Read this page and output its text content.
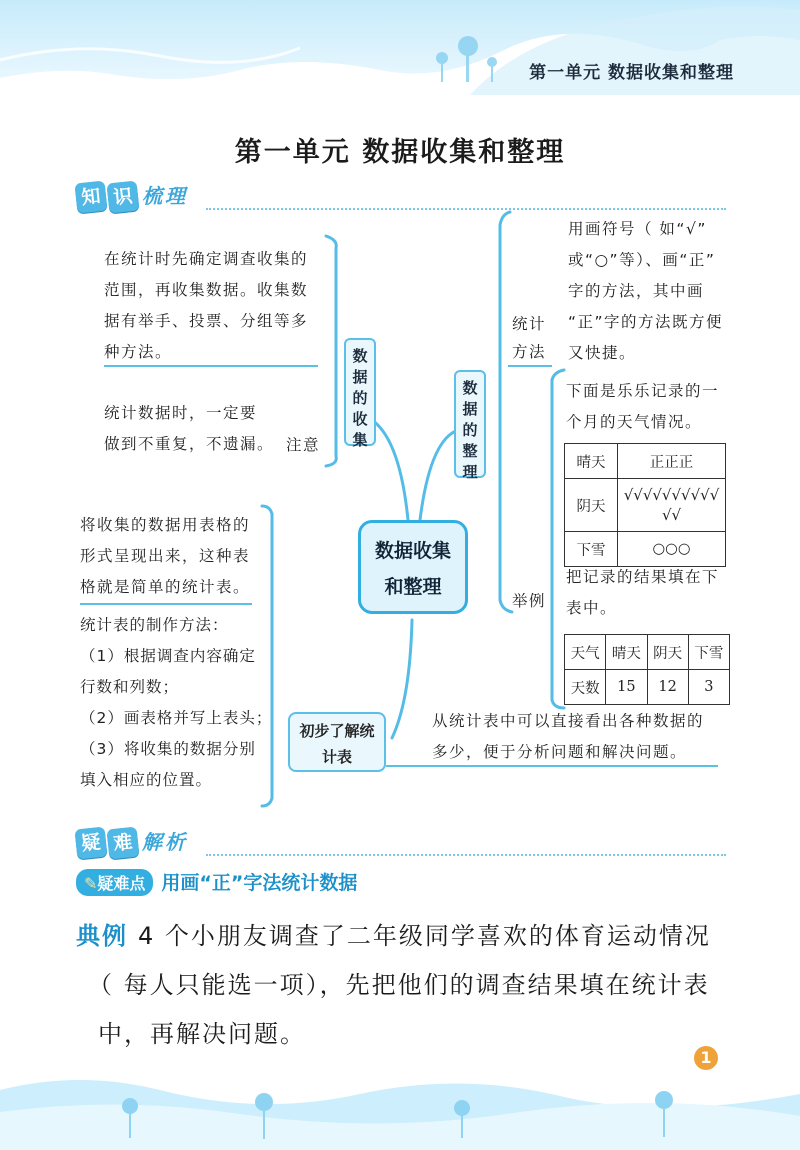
第一单元 数据收集和整理
第一单元 数据收集和整理
知 识 梳理
在统计时先确定调查收集的
范围，再收集数据。收集数
据有举手、投票、分组等多
种方法。
统计数据时，一定要
做到不重复，不遗漏。 注意
数据的收集
数据的整理
统计
方法
用画符号（ 如“√”
或“○”等）、画“正”
字的方法，其中画
“正”字的方法既方便
又快捷。
下面是乐乐记录的一
个月的天气情况。
晴天	正正正
阴天	√√√√√√√√√√√√
下雪	○○○
举例
把记录的结果填在下
表中。
天气	晴天	阴天	下雪
天数	15	12	3
数据收集
和整理
将收集的数据用表格的
形式呈现出来，这种表
格就是简单的统计表。
统计表的制作方法：
（1）根据调查内容确定
行数和列数；
（2）画表格并写上表头；
（3）将收集的数据分别
填入相应的位置。
初步了解统
计表
从统计表中可以直接看出各种数据的
多少，便于分析问题和解决问题。
疑 难 解析
✎疑难点 用画“正”字法统计数据
典例 4 个小朋友调查了二年级同学喜欢的体育运动情况
（ 每人只能选一项），先把他们的调查结果填在统计表
中，再解决问题。
1
